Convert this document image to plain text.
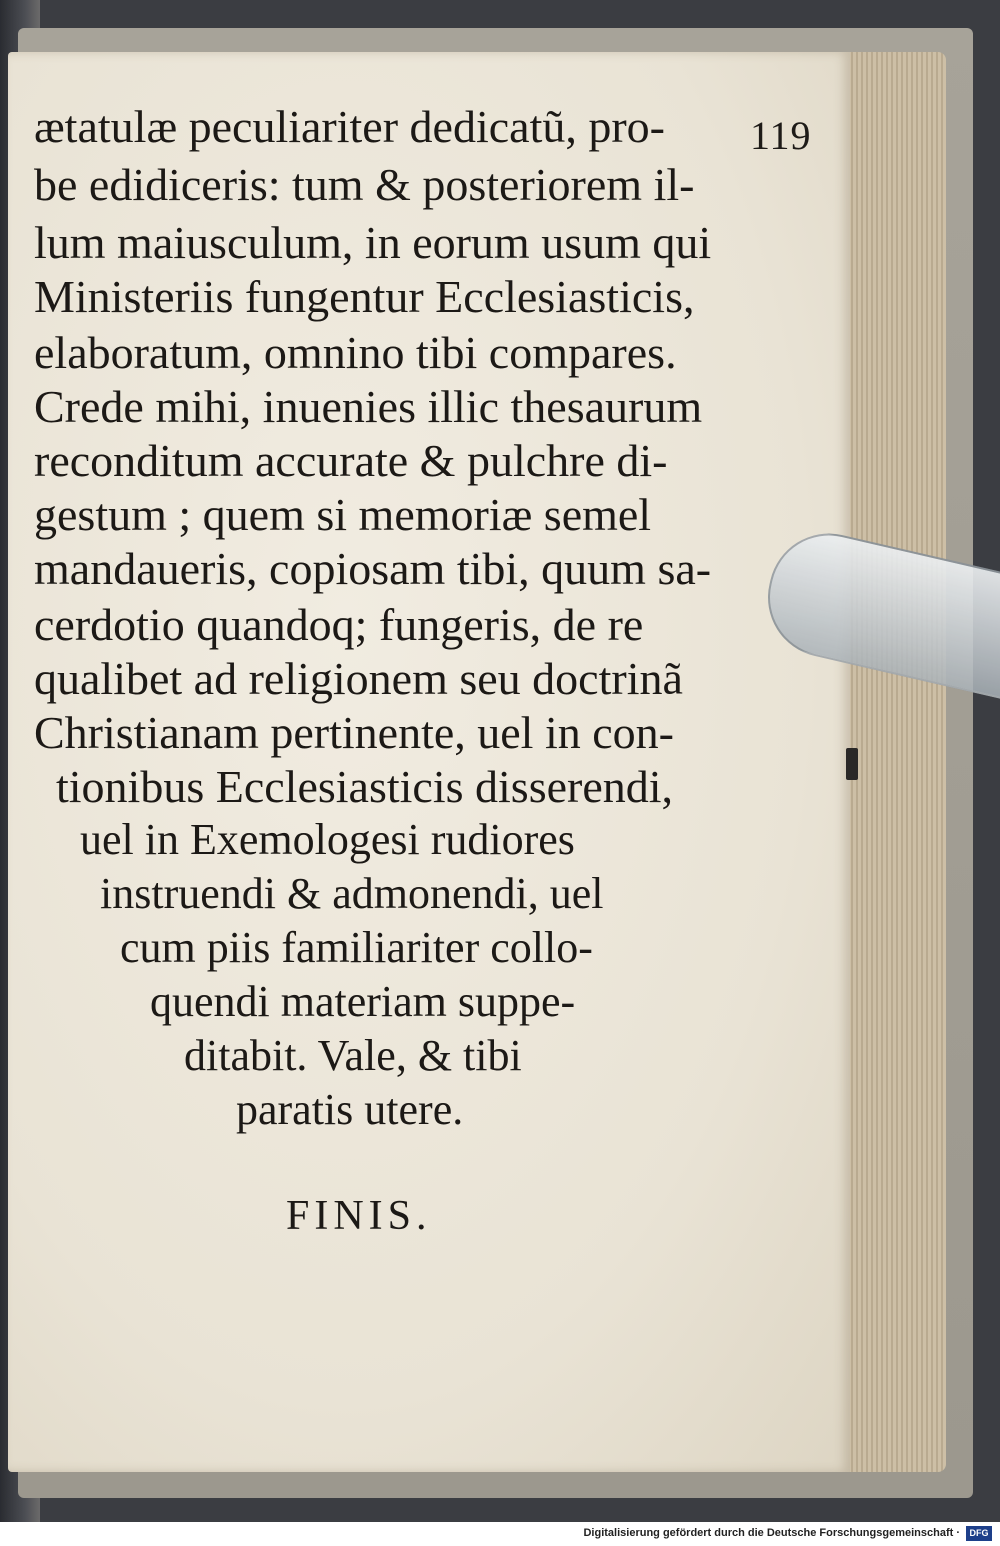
119
ætatulæ peculiariter dedicatũ, pro-
be edidiceris: tum & posteriorem il-
lum maiusculum, in eorum usum qui
Ministeriis fungentur Ecclesiasticis,
elaboratum, omnino tibi compares.
Crede mihi, inuenies illic thesaurum
reconditum accurate & pulchre di-
gestum ; quem si memoriæ semel
mandaueris, copiosam tibi, quum sa-
cerdotio quandoq; fungeris, de re
qualibet ad religionem seu doctrinã
Christianam pertinente, uel in con-
tionibus Ecclesiasticis disserendi,
uel in Exemologesi rudiores
instruendi & admonendi, uel
cum piis familiariter collo-
quendi materiam suppe-
ditabit. Vale, & tibi
paratis utere.
FINIS.
Digitalisierung gefördert durch die Deutsche Forschungsgemeinschaft ·	DFG
